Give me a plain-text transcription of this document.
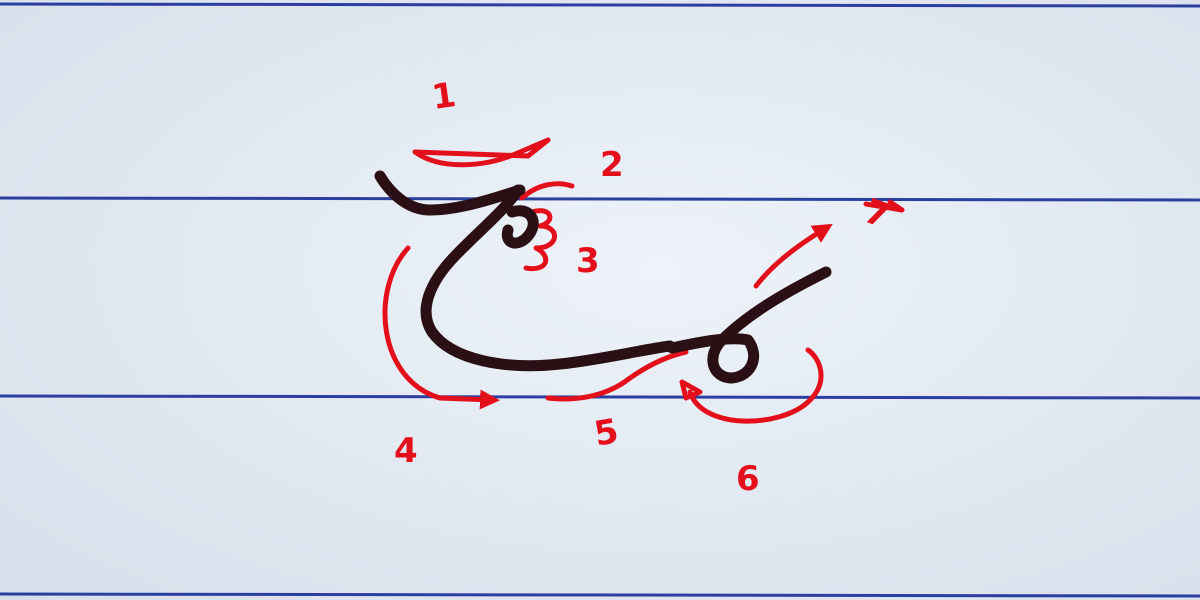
1
2
3
4	5
6
7
